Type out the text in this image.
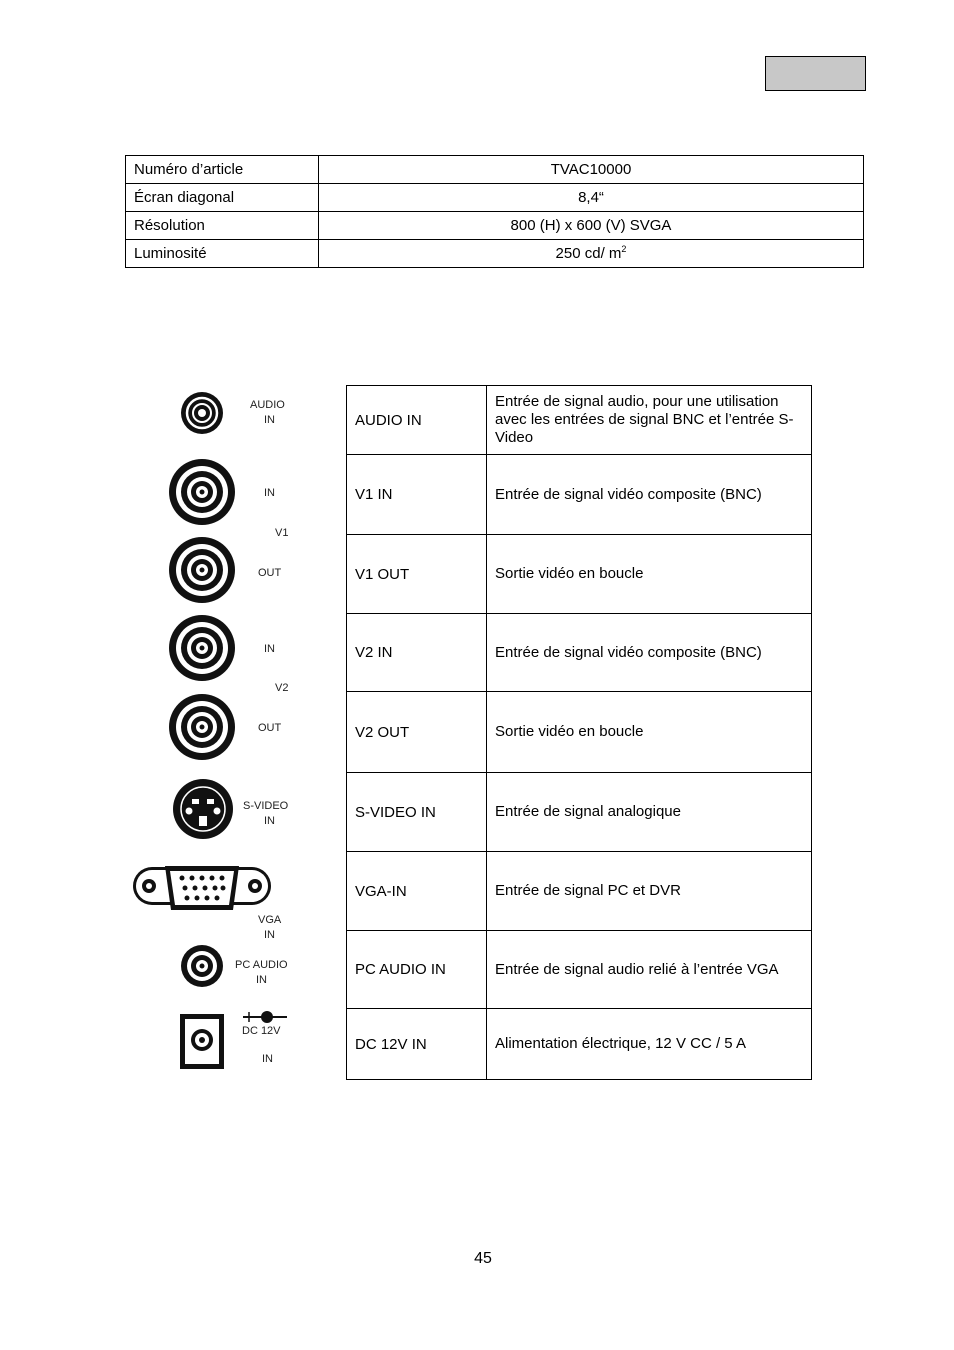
Numéro d’article	TVAC10000
Écran diagonal	8,4“
Résolution	800 (H) x 600 (V) SVGA
Luminosité	250 cd/ $m^2$
AUDIO
IN
IN
V1
OUT
IN
V2
OUT
S-VIDEO
IN
VGA
IN
PC AUDIO
IN
DC 12V
IN
AUDIO IN	Entrée de signal audio, pour une utilisation avec les entrées de signal BNC et l’entrée S-Video
V1 IN	Entrée de signal vidéo composite (BNC)
V1 OUT	Sortie vidéo en boucle
V2 IN	Entrée de signal vidéo composite (BNC)
V2 OUT	Sortie vidéo en boucle
S-VIDEO IN	Entrée de signal analogique
VGA-IN	Entrée de signal PC et DVR
PC AUDIO IN	Entrée de signal audio relié à l’entrée VGA
DC 12V IN	Alimentation électrique, 12 V CC / 5 A
45
